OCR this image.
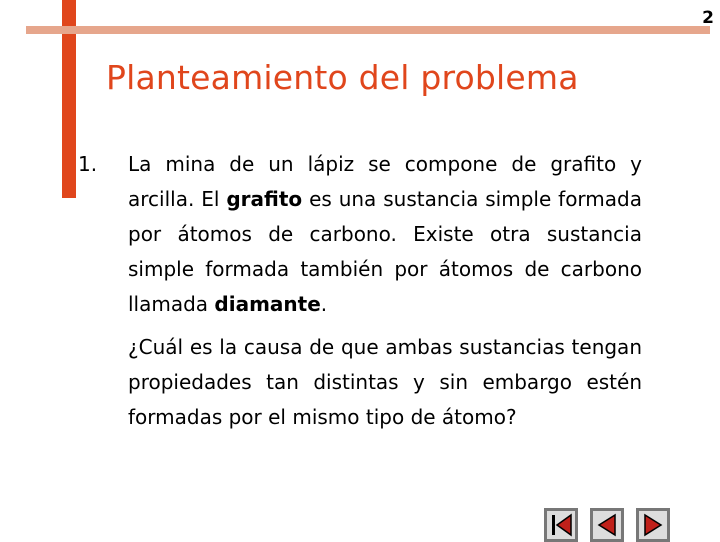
2
Planteamiento del problema
1. La mina de un lápiz se compone de grafito y arcilla. El grafito es una sustancia simple formada por átomos de carbono. Existe otra sustancia simple formada también por átomos de carbono llamada diamante.

¿Cuál es la causa de que ambas sustancias tengan propiedades tan distintas y sin embargo estén formadas por el mismo tipo de átomo?
